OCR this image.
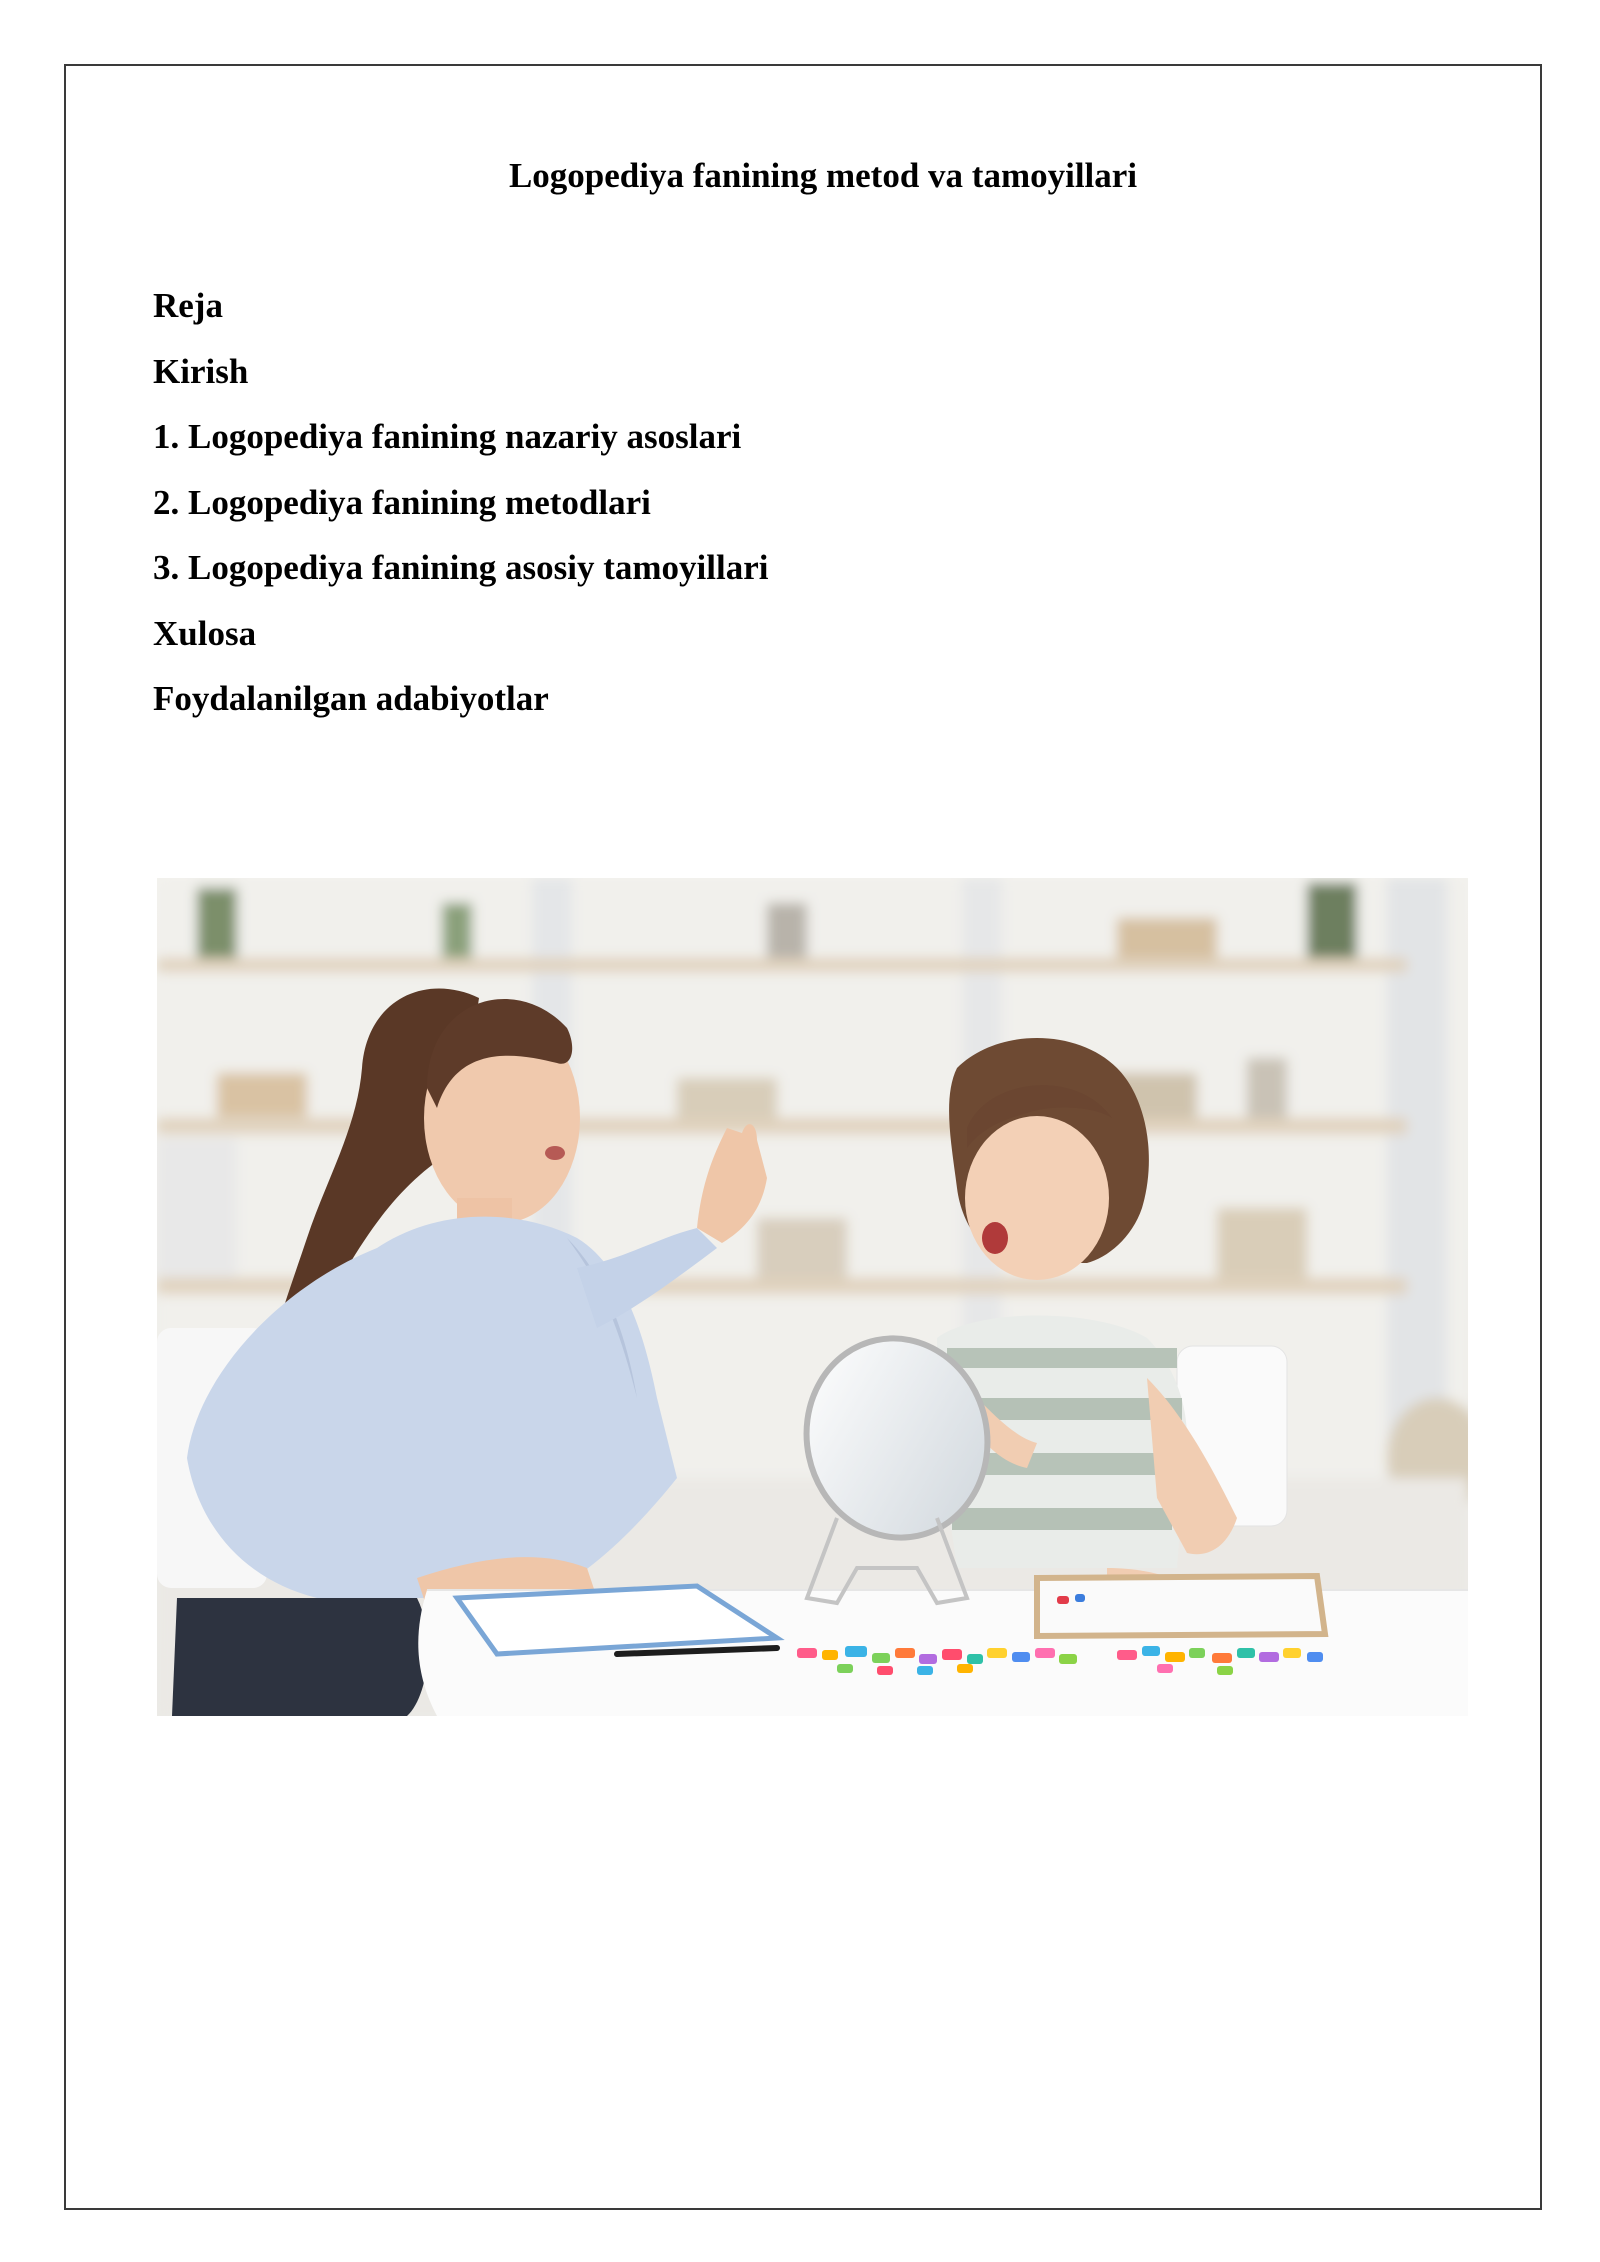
Logopediya fanining metod va tamoyillari
Reja
Kirish
1. Logopediya fanining nazariy asoslari
2. Logopediya fanining metodlari
3. Logopediya fanining asosiy tamoyillari
Xulosa
Foydalanilgan adabiyotlar
